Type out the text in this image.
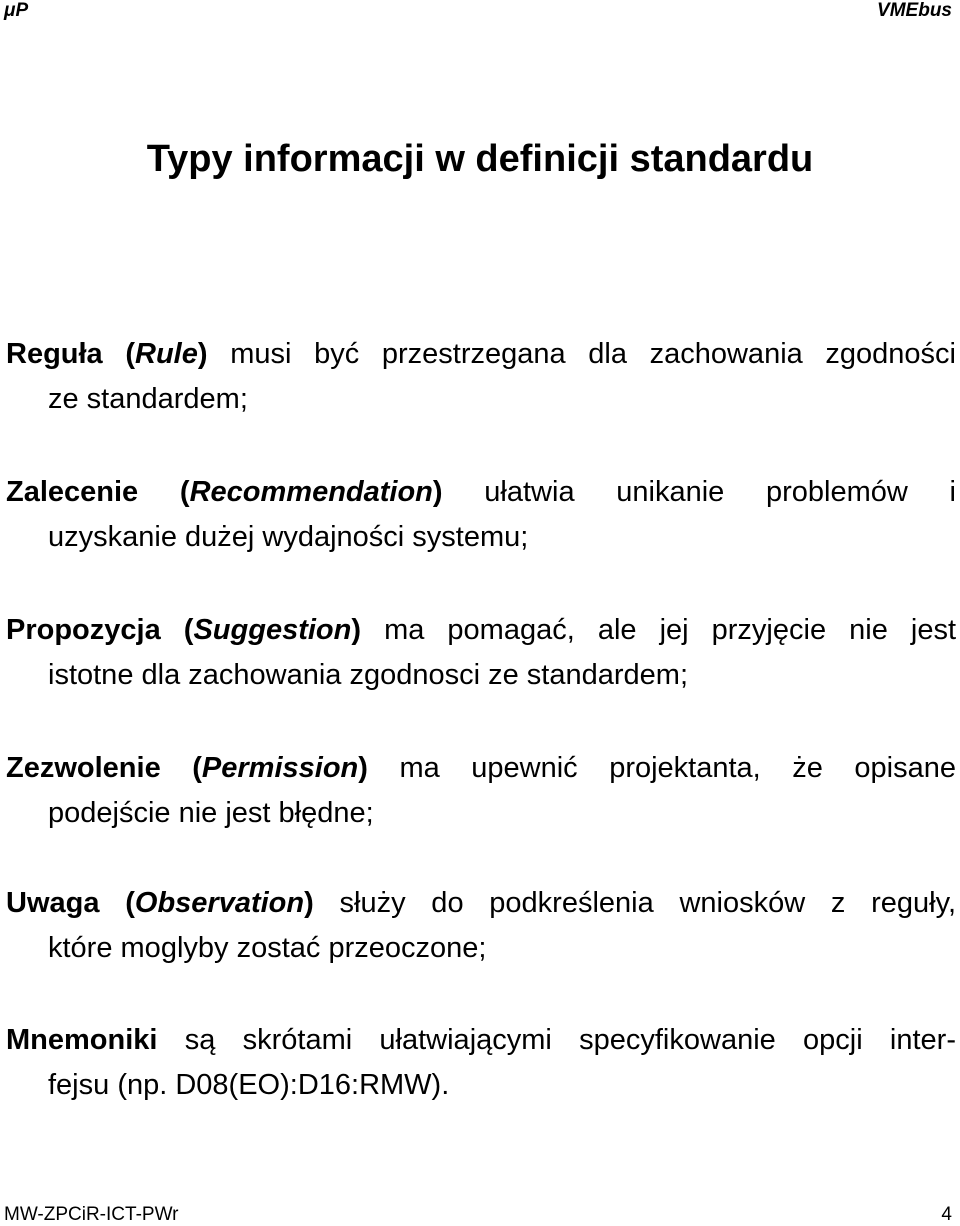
μP	VMEbus
Typy informacji w definicji standardu
Reguła (Rule) musi być przestrzegana dla zachowania zgodności
ze standardem;
Zalecenie (Recommendation) ułatwia unikanie problemów i
uzyskanie dużej wydajności systemu;
Propozycja (Suggestion) ma pomagać, ale jej przyjęcie nie jest
istotne dla zachowania zgodnosci ze standardem;
Zezwolenie (Permission) ma upewnić projektanta, że opisane
podejście nie jest błędne;
Uwaga (Observation) służy do podkreślenia wniosków z reguły,
które moglyby zostać przeoczone;
Mnemoniki są skrótami ułatwiającymi specyfikowanie opcji inter-
fejsu (np. D08(EO):D16:RMW).
MW-ZPCiR-ICT-PWr	4
